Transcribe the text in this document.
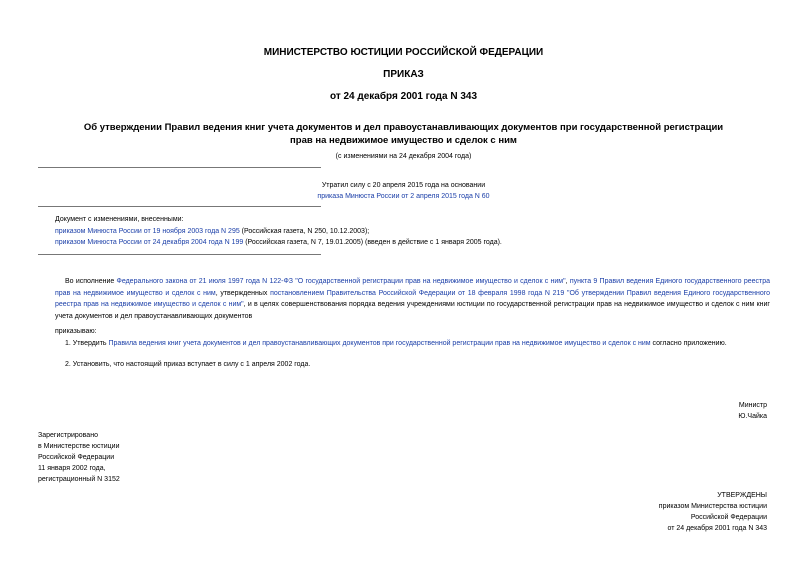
МИНИСТЕРСТВО ЮСТИЦИИ РОССИЙСКОЙ ФЕДЕРАЦИИ
ПРИКАЗ
от 24 декабря 2001 года N 343
Об утверждении Правил ведения книг учета документов и дел правоустанавливающих документов при государственной регистрации прав на недвижимое имущество и сделок с ним
(с изменениями на 24 декабря 2004 года)
Утратил силу с 20 апреля 2015 года на основании
приказа Минюста России от 2 апреля 2015 года N 60
Документ с изменениями, внесенными:
приказом Минюста России от 19 ноября 2003 года N 295 (Российская газета, N 250, 10.12.2003);
приказом Минюста России от 24 декабря 2004 года N 199 (Российская газета, N 7, 19.01.2005) (введен в действие с 1 января 2005 года).
Во исполнение Федерального закона от 21 июля 1997 года N 122-ФЗ "О государственной регистрации прав на недвижимое имущество и сделок с ним", пункта 9 Правил ведения Единого государственного реестра прав на недвижимое имущество и сделок с ним, утвержденных постановлением Правительства Российской Федерации от 18 февраля 1998 года N 219 "Об утверждении Правил ведения Единого государственного реестра прав на недвижимое имущество и сделок с ним", и в целях совершенствования порядка ведения учреждениями юстиции по государственной регистрации прав на недвижимое имущество и сделок с ним книг учета документов и дел правоустанавливающих документов
приказываю:
1. Утвердить Правила ведения книг учета документов и дел правоустанавливающих документов при государственной регистрации прав на недвижимое имущество и сделок с ним согласно приложению.
2. Установить, что настоящий приказ вступает в силу с 1 апреля 2002 года.
Министр
Ю.Чайка
Зарегистрировано
в Министерстве юстиции
Российской Федерации
11 января 2002 года,
регистрационный N 3152
УТВЕРЖДЕНЫ
приказом Министерства юстиции
Российской Федерации
от 24 декабря 2001 года N 343
